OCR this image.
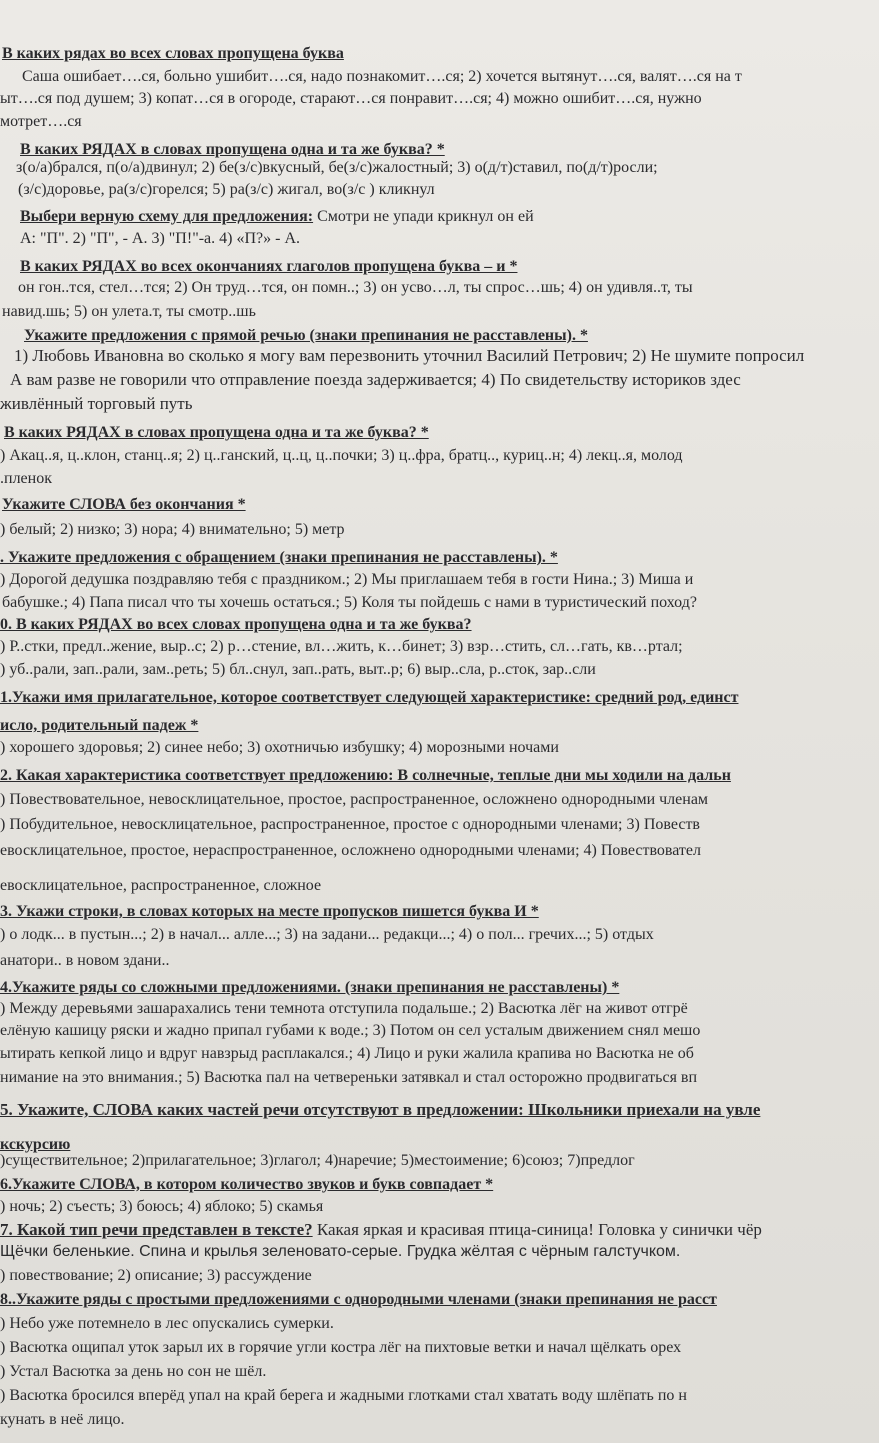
В каких рядах во всех словах пропущена буква
Саша ошибает….ся, больно ушибит….ся, надо познакомит….ся; 2) хочется вытянут….ся, валят….ся на т
ыт….ся под душем; 3) копат…ся в огороде, старают…ся понравит….ся; 4) можно ошибит….ся, нужно
мотрет….ся
В каких РЯДАХ в словах пропущена одна и та же буква? *
з(о/а)брался, п(о/а)двинул; 2) бе(з/с)вкусный, бе(з/с)жалостный; 3) о(д/т)ставил, по(д/т)росли;
(з/с)доровье, ра(з/с)горелся; 5) ра(з/с) жигал, во(з/с ) кликнул
Выбери верную схему для предложения: Смотри не упади крикнул он ей
А: "П". 2) "П", - А. 3) "П!"-а. 4) «П?» - А.
В каких РЯДАХ во всех окончаниях глаголов пропущена буква – и *
он гон..тся, стел…тся; 2) Он труд…тся, он помн..; 3) он усво…л, ты спрос…шь; 4) он удивля..т, ты
навид.шь; 5) он улета.т, ты смотр..шь
Укажите предложения с прямой речью (знаки препинания не расставлены). *
1) Любовь Ивановна во сколько я могу вам перезвонить уточнил Василий Петрович; 2) Не шумите попросил
А вам разве не говорили что отправление поезда задерживается; 4) По свидетельству историков здес
живлённый торговый путь
В каких РЯДАХ в словах пропущена одна и та же буква? *
) Акац..я, ц..клон, станц..я; 2) ц..ганский, ц..ц, ц..почки; 3) ц..фра, братц.., куриц..н; 4) лекц..я, молод
.пленок
Укажите СЛОВА без окончания *
) белый; 2) низко; 3) нора; 4) внимательно; 5) метр
. Укажите предложения с обращением (знаки препинания не расставлены). *
) Дорогой дедушка поздравляю тебя с праздником.; 2) Мы приглашаем тебя в гости Нина.; 3) Миша и
бабушке.; 4) Папа писал что ты хочешь остаться.; 5) Коля ты пойдешь с нами в туристический поход?
0. В каких РЯДАХ во всех словах пропущена одна и та же буква?
) Р..стки, предл..жение, выр..с; 2) р…стение, вл…жить, к…бинет; 3) взр…стить, сл…гать, кв…ртал;
) уб..рали, зап..рали, зам..реть; 5) бл..снул, зап..рать, выт..р; 6) выр..сла, р..сток, зар..сли
1.Укажи имя прилагательное, которое соответствует следующей характеристике: средний род, единст
исло, родительный падеж *
) хорошего здоровья; 2) синее небо; 3) охотничью избушку; 4) морозными ночами
2. Какая характеристика соответствует предложению: В солнечные, теплые дни мы ходили на дальн
) Повествовательное, невосклицательное, простое, распространенное, осложнено однородными членам
) Побудительное, невосклицательное, распространенное, простое с однородными членами; 3) Повеств
евосклицательное, простое, нераспространенное, осложнено однородными членами; 4) Повествовател
евосклицательное, распространенное, сложное
3. Укажи строки, в словах которых на месте пропусков пишется буква И *
) о лодк... в пустын...; 2) в начал... алле...; 3) на задани... редакци...; 4) о пол... гречих...; 5) отдых
анатори.. в новом здани..
4.Укажите ряды со сложными предложениями. (знаки препинания не расставлены) *
) Между деревьями зашарахались тени темнота отступила подальше.; 2) Васютка лёг на живот отгрё
елёную кашицу ряски и жадно припал губами к воде.; 3) Потом он сел усталым движением снял мешо
ытирать кепкой лицо и вдруг навзрыд расплакался.; 4) Лицо и руки жалила крапива но Васютка не об
нимание на это внимания.; 5) Васютка пал на четвереньки затявкал и стал осторожно продвигаться вп
5. Укажите, СЛОВА каких частей речи отсутствуют в предложении: Школьники приехали на увле
кскурсию
)существительное; 2)прилагательное; 3)глагол; 4)наречие; 5)местоимение; 6)союз; 7)предлог
6.Укажите СЛОВА, в котором количество звуков и букв совпадает *
) ночь; 2) съесть; 3) боюсь; 4) яблоко; 5) скамья
7. Какой тип речи представлен в тексте? Какая яркая и красивая птица-синица! Головка у синички чёр
Щёчки беленькие. Спина и крылья зеленовато-серые. Грудка жёлтая с чёрным галстучком.
) повествование; 2) описание; 3) рассуждение
8..Укажите ряды с простыми предложениями с однородными членами (знаки препинания не расст
) Небо уже потемнело в лес опускались сумерки.
) Васютка ощипал уток зарыл их в горячие угли костра лёг на пихтовые ветки и начал щёлкать орех
) Устал Васютка за день но сон не шёл.
) Васютка бросился вперёд упал на край берега и жадными глотками стал хватать воду шлёпать по н
кунать в неё лицо.
